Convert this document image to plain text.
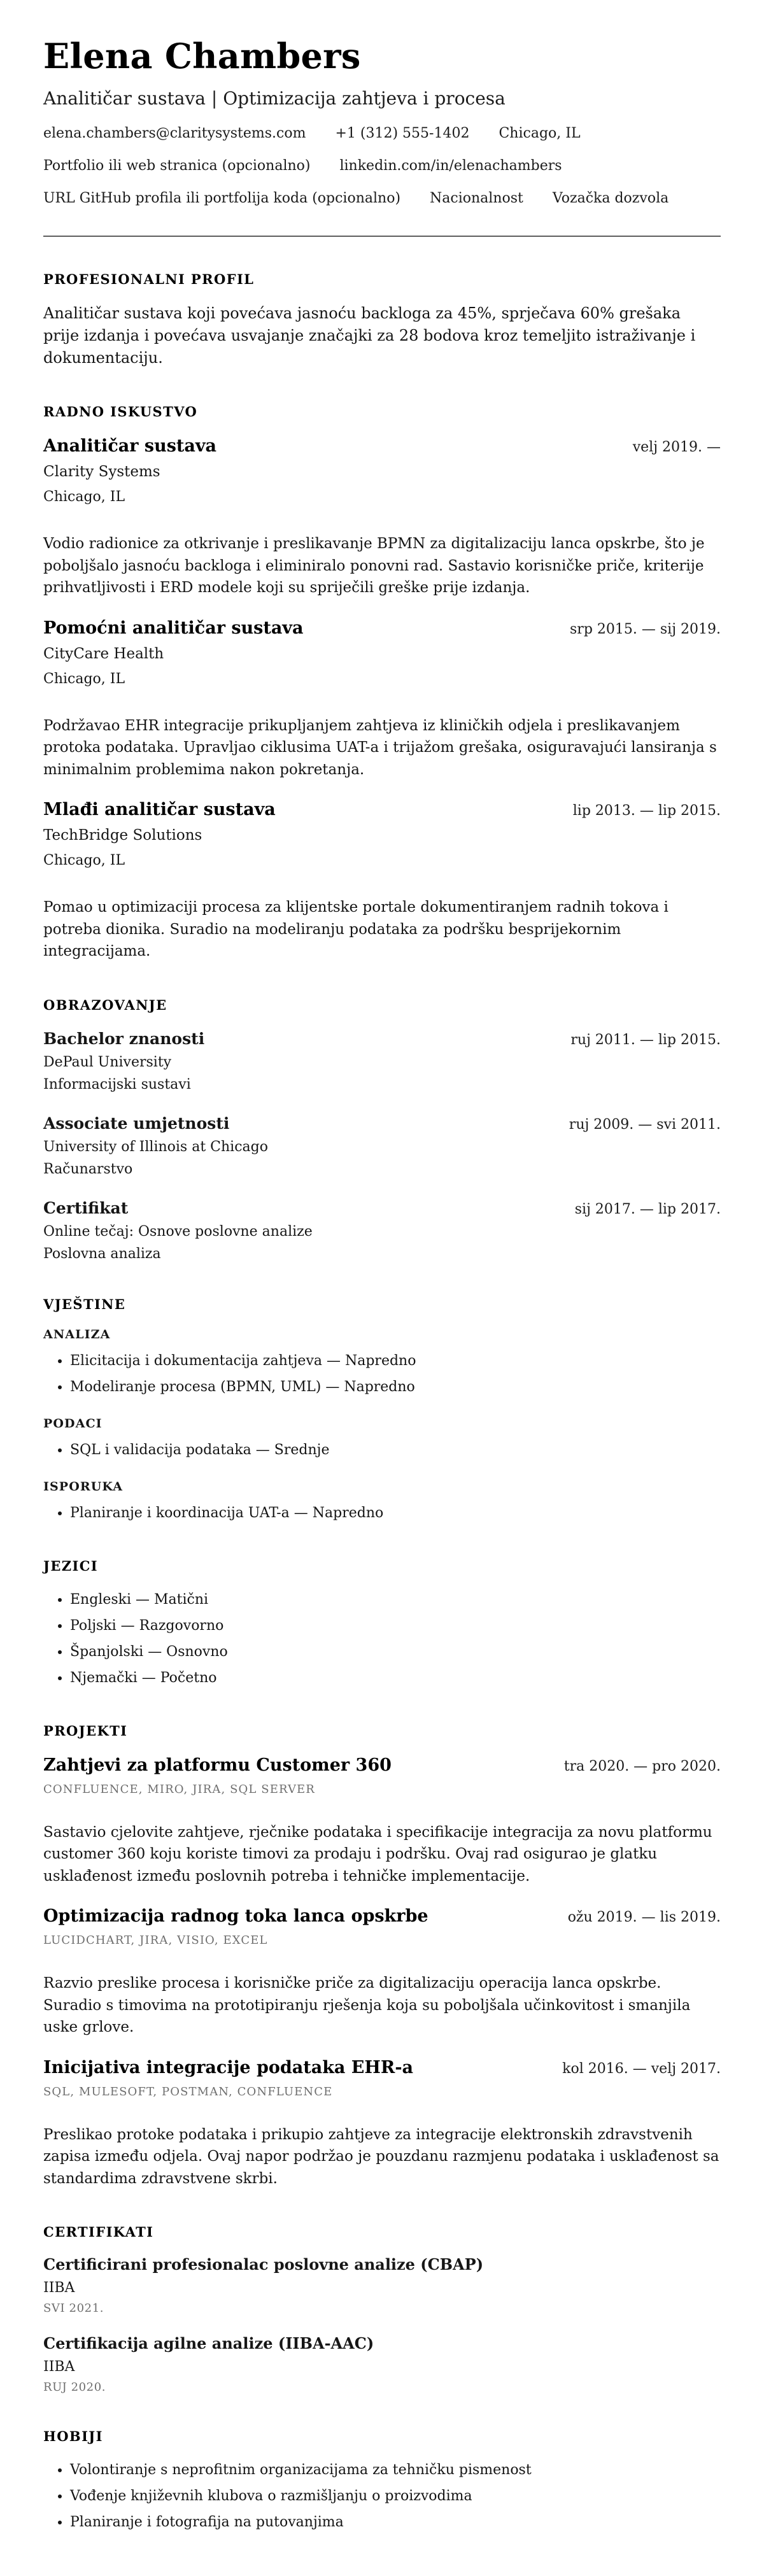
Elena Chambers
Analitičar sustava | Optimizacija zahtjeva i procesa
elena.chambers@claritysystems.com +1 (312) 555-1402 Chicago, IL
Portfolio ili web stranica (opcionalno) linkedin.com/in/elenachambers
URL GitHub profila ili portfolija koda (opcionalno) Nacionalnost Vozačka dozvola
PROFESIONALNI PROFIL

Analitičar sustava koji povećava jasnoću backloga za 45%, sprječava 60% grešaka prije izdanja i povećava usvajanje značajki za 28 bodova kroz temeljito istraživanje i dokumentaciju.

RADNO ISKUSTVO
Analitičar sustava	velj 2019. —
Clarity Systems
Chicago, IL

Vodio radionice za otkrivanje i preslikavanje BPMN za digitalizaciju lanca opskrbe, što je poboljšalo jasnoću backloga i eliminiralo ponovni rad. Sastavio korisničke priče, kriterije prihvatljivosti i ERD modele koji su spriječili greške prije izdanja.

Pomoćni analitičar sustava	srp 2015. — sij 2019.
CityCare Health
Chicago, IL

Podržavao EHR integracije prikupljanjem zahtjeva iz kliničkih odjela i preslikavanjem protoka podataka. Upravljao ciklusima UAT-a i trijažom grešaka, osiguravajući lansiranja s minimalnim problemima nakon pokretanja.

Mlađi analitičar sustava	lip 2013. — lip 2015.
TechBridge Solutions
Chicago, IL

Pomao u optimizaciji procesa za klijentske portale dokumentiranjem radnih tokova i potreba dionika. Suradio na modeliranju podataka za podršku besprijekornim integracijama.

OBRAZOVANJE
Bachelor znanosti	ruj 2011. — lip 2015.
DePaul University
Informacijski sustavi
Associate umjetnosti	ruj 2009. — svi 2011.
University of Illinois at Chicago
Računarstvo
Certifikat	sij 2017. — lip 2017.
Online tečaj: Osnove poslovne analize
Poslovna analiza
VJEŠTINE
ANALIZA
• Elicitacija i dokumentacija zahtjeva — Napredno
• Modeliranje procesa (BPMN, UML) — Napredno
PODACI
• SQL i validacija podataka — Srednje
ISPORUKA
• Planiranje i koordinacija UAT-a — Napredno
JEZICI
• Engleski — Matični
• Poljski — Razgovorno
• Španjolski — Osnovno
• Njemački — Početno
PROJEKTI
Zahtjevi za platformu Customer 360	tra 2020. — pro 2020.
CONFLUENCE, MIRO, JIRA, SQL SERVER

Sastavio cjelovite zahtjeve, rječnike podataka i specifikacije integracija za novu platformu customer 360 koju koriste timovi za prodaju i podršku. Ovaj rad osigurao je glatku usklađenost između poslovnih potreba i tehničke implementacije.

Optimizacija radnog toka lanca opskrbe	ožu 2019. — lis 2019.
LUCIDCHART, JIRA, VISIO, EXCEL

Razvio preslike procesa i korisničke priče za digitalizaciju operacija lanca opskrbe. Suradio s timovima na prototipiranju rješenja koja su poboljšala učinkovitost i smanjila uske grlove.

Inicijativa integracije podataka EHR-a	kol 2016. — velj 2017.
SQL, MULESOFT, POSTMAN, CONFLUENCE

Preslikao protoke podataka i prikupio zahtjeve za integracije elektronskih zdravstvenih zapisa između odjela. Ovaj napor podržao je pouzdanu razmjenu podataka i usklađenost sa standardima zdravstvene skrbi.

CERTIFIKATI
Certificirani profesionalac poslovne analize (CBAP)
IIBA
SVI 2021.
Certifikacija agilne analize (IIBA-AAC)
IIBA
RUJ 2020.
HOBIJI
• Volontiranje s neprofitnim organizacijama za tehničku pismenost
• Vođenje književnih klubova o razmišljanju o proizvodima
• Planiranje i fotografija na putovanjima
